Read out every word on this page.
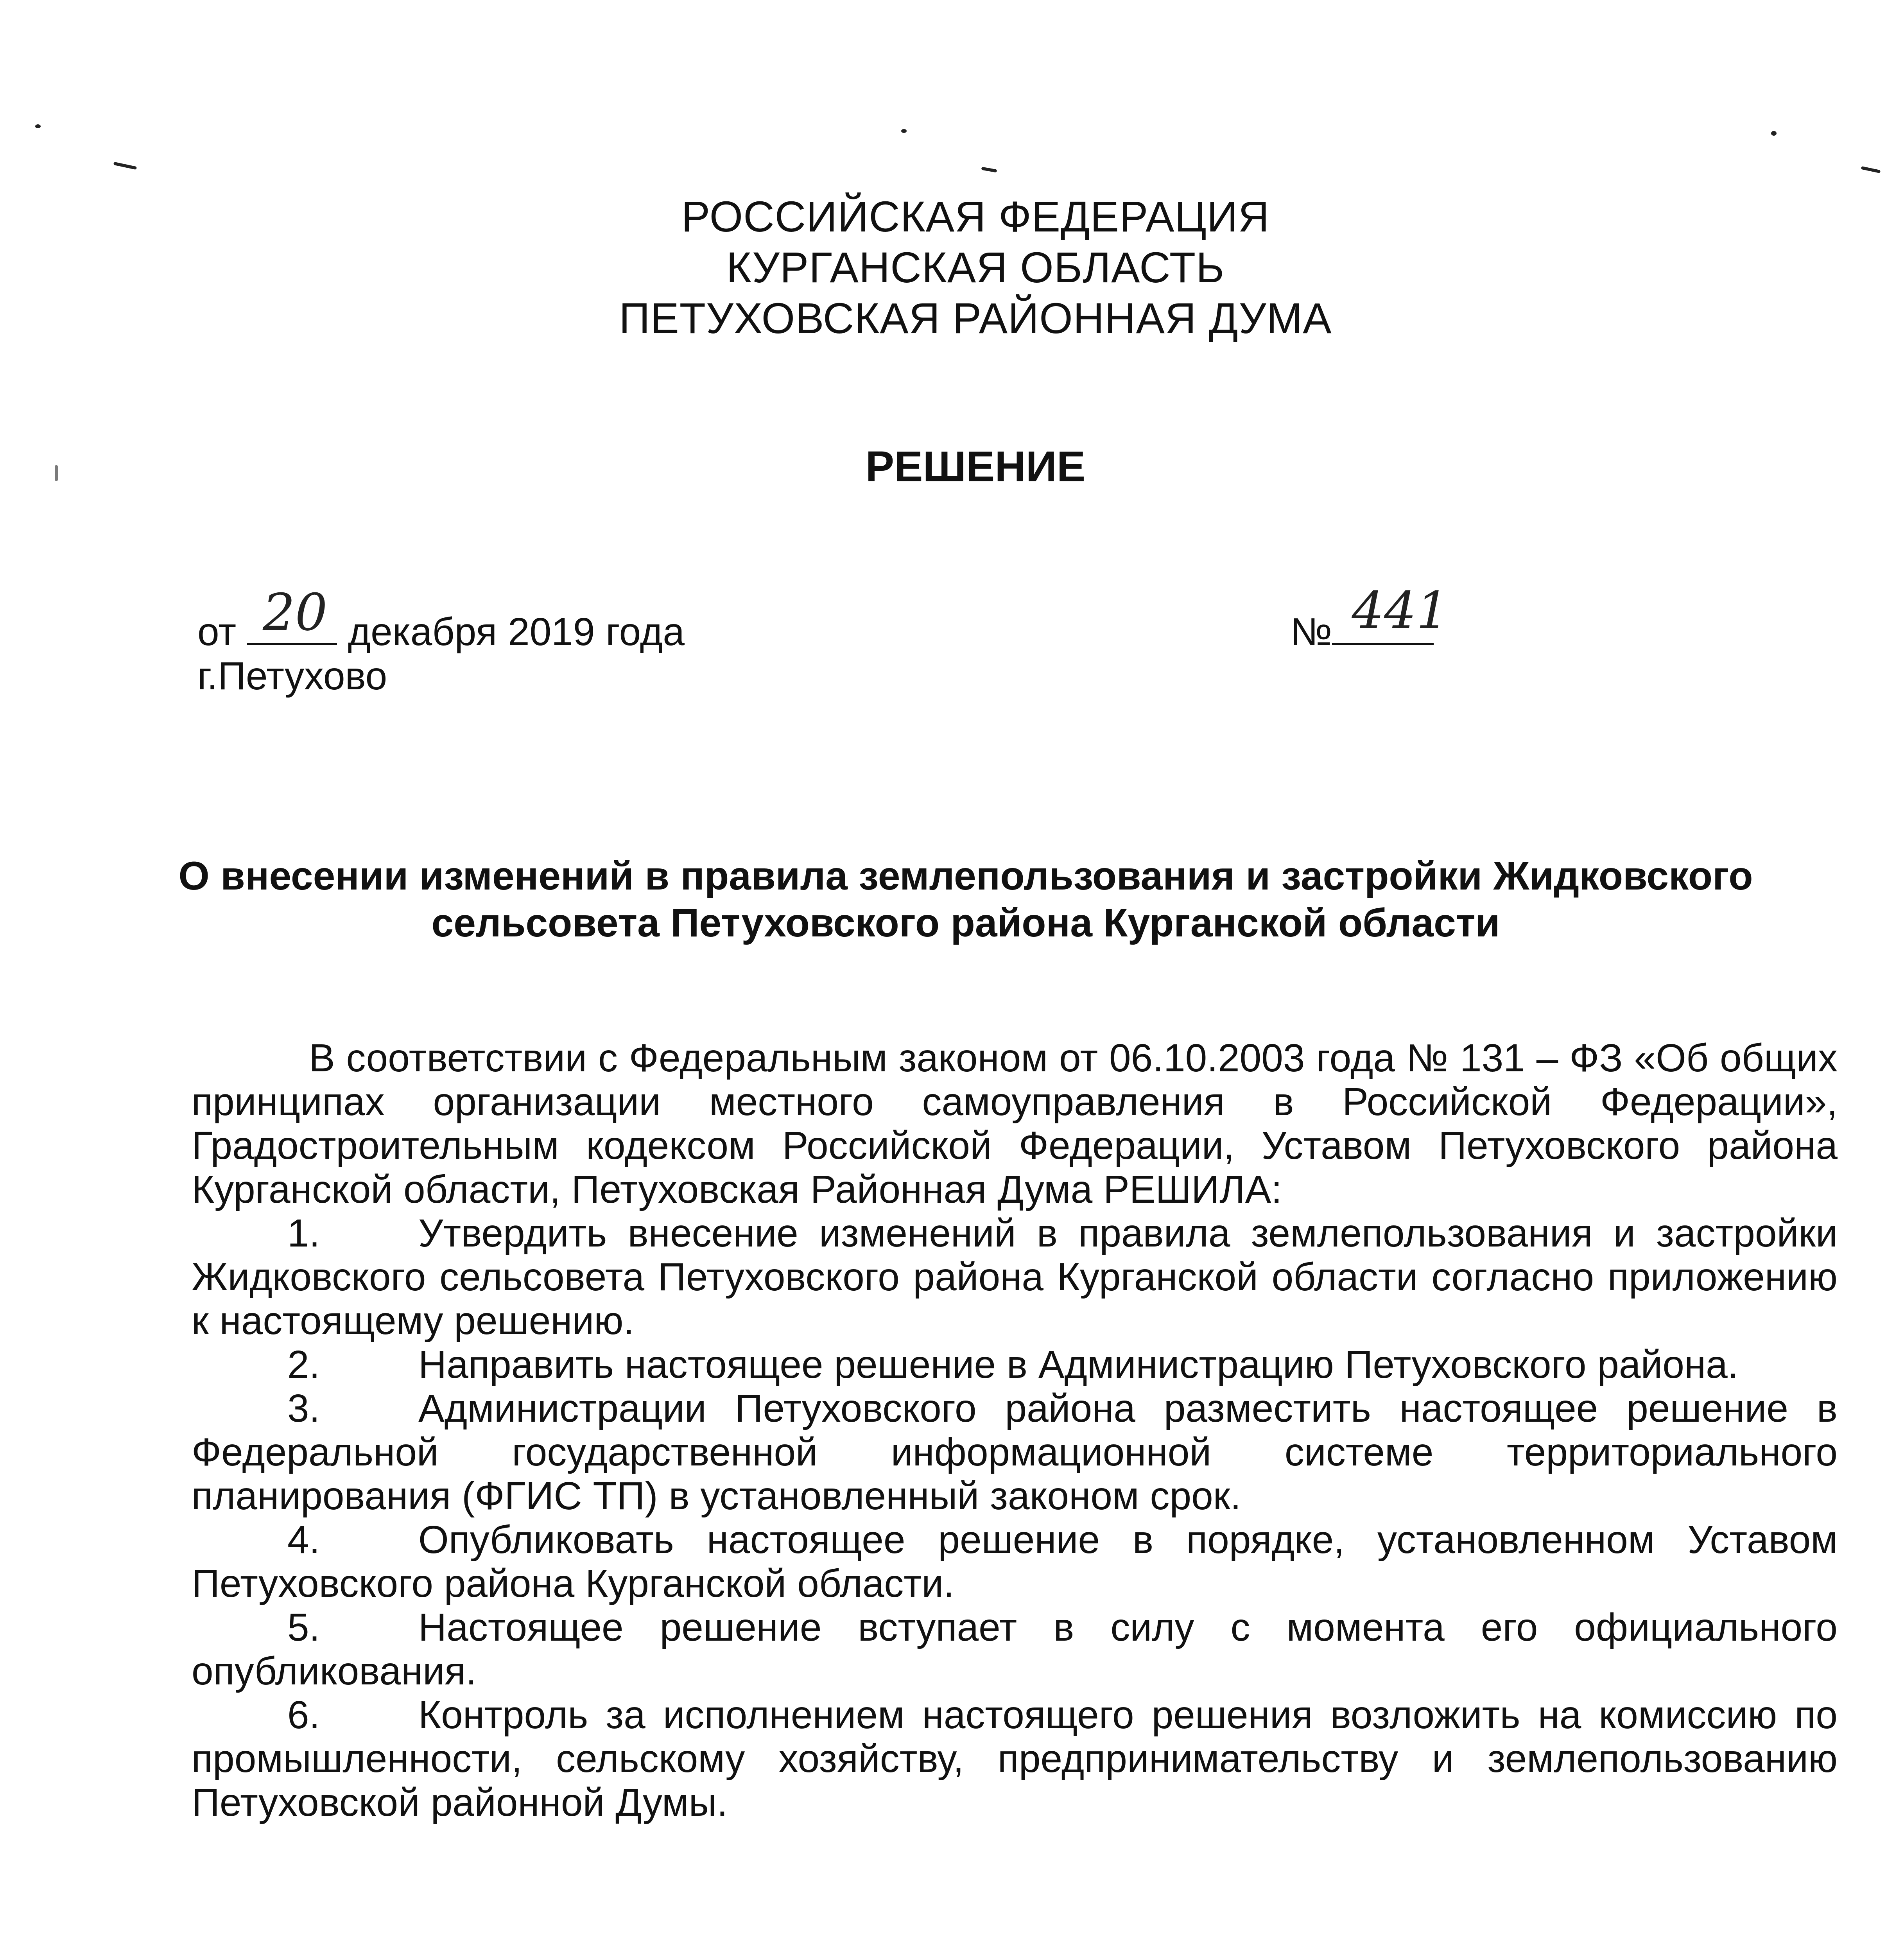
РОССИЙСКАЯ ФЕДЕРАЦИЯ
КУРГАНСКАЯ ОБЛАСТЬ
ПЕТУХОВСКАЯ РАЙОННАЯ ДУМА
РЕШЕНИЕ
от 20 декабря 2019 года	№ 441
г.Петухово
О внесении изменений в правила землепользования и застройки Жидковского
сельсовета Петуховского района Курганской области

В соответствии с Федеральным законом от 06.10.2003 года № 131 – ФЗ «Об общих принципах организации местного самоуправления в Российской Федерации», Градостроительным кодексом Российской Федерации, Уставом Петуховского района Курганской области, Петуховская Районная Дума РЕШИЛА:

1.	Утвердить внесение изменений в правила землепользования и застройки Жидковского сельсовета Петуховского района Курганской области согласно приложению к настоящему решению.
2.	Направить настоящее решение в Администрацию Петуховского района.
3.	Администрации Петуховского района разместить настоящее решение в Федеральной государственной информационной системе территориального планирования (ФГИС ТП) в установленный законом срок.
4.	Опубликовать настоящее решение в порядке, установленном Уставом Петуховского района Курганской области.
5.	Настоящее решение вступает в силу с момента его официального опубликования.
6.	Контроль за исполнением настоящего решения возложить на комиссию по промышленности, сельскому хозяйству, предпринимательству и землепользованию Петуховской районной Думы.
